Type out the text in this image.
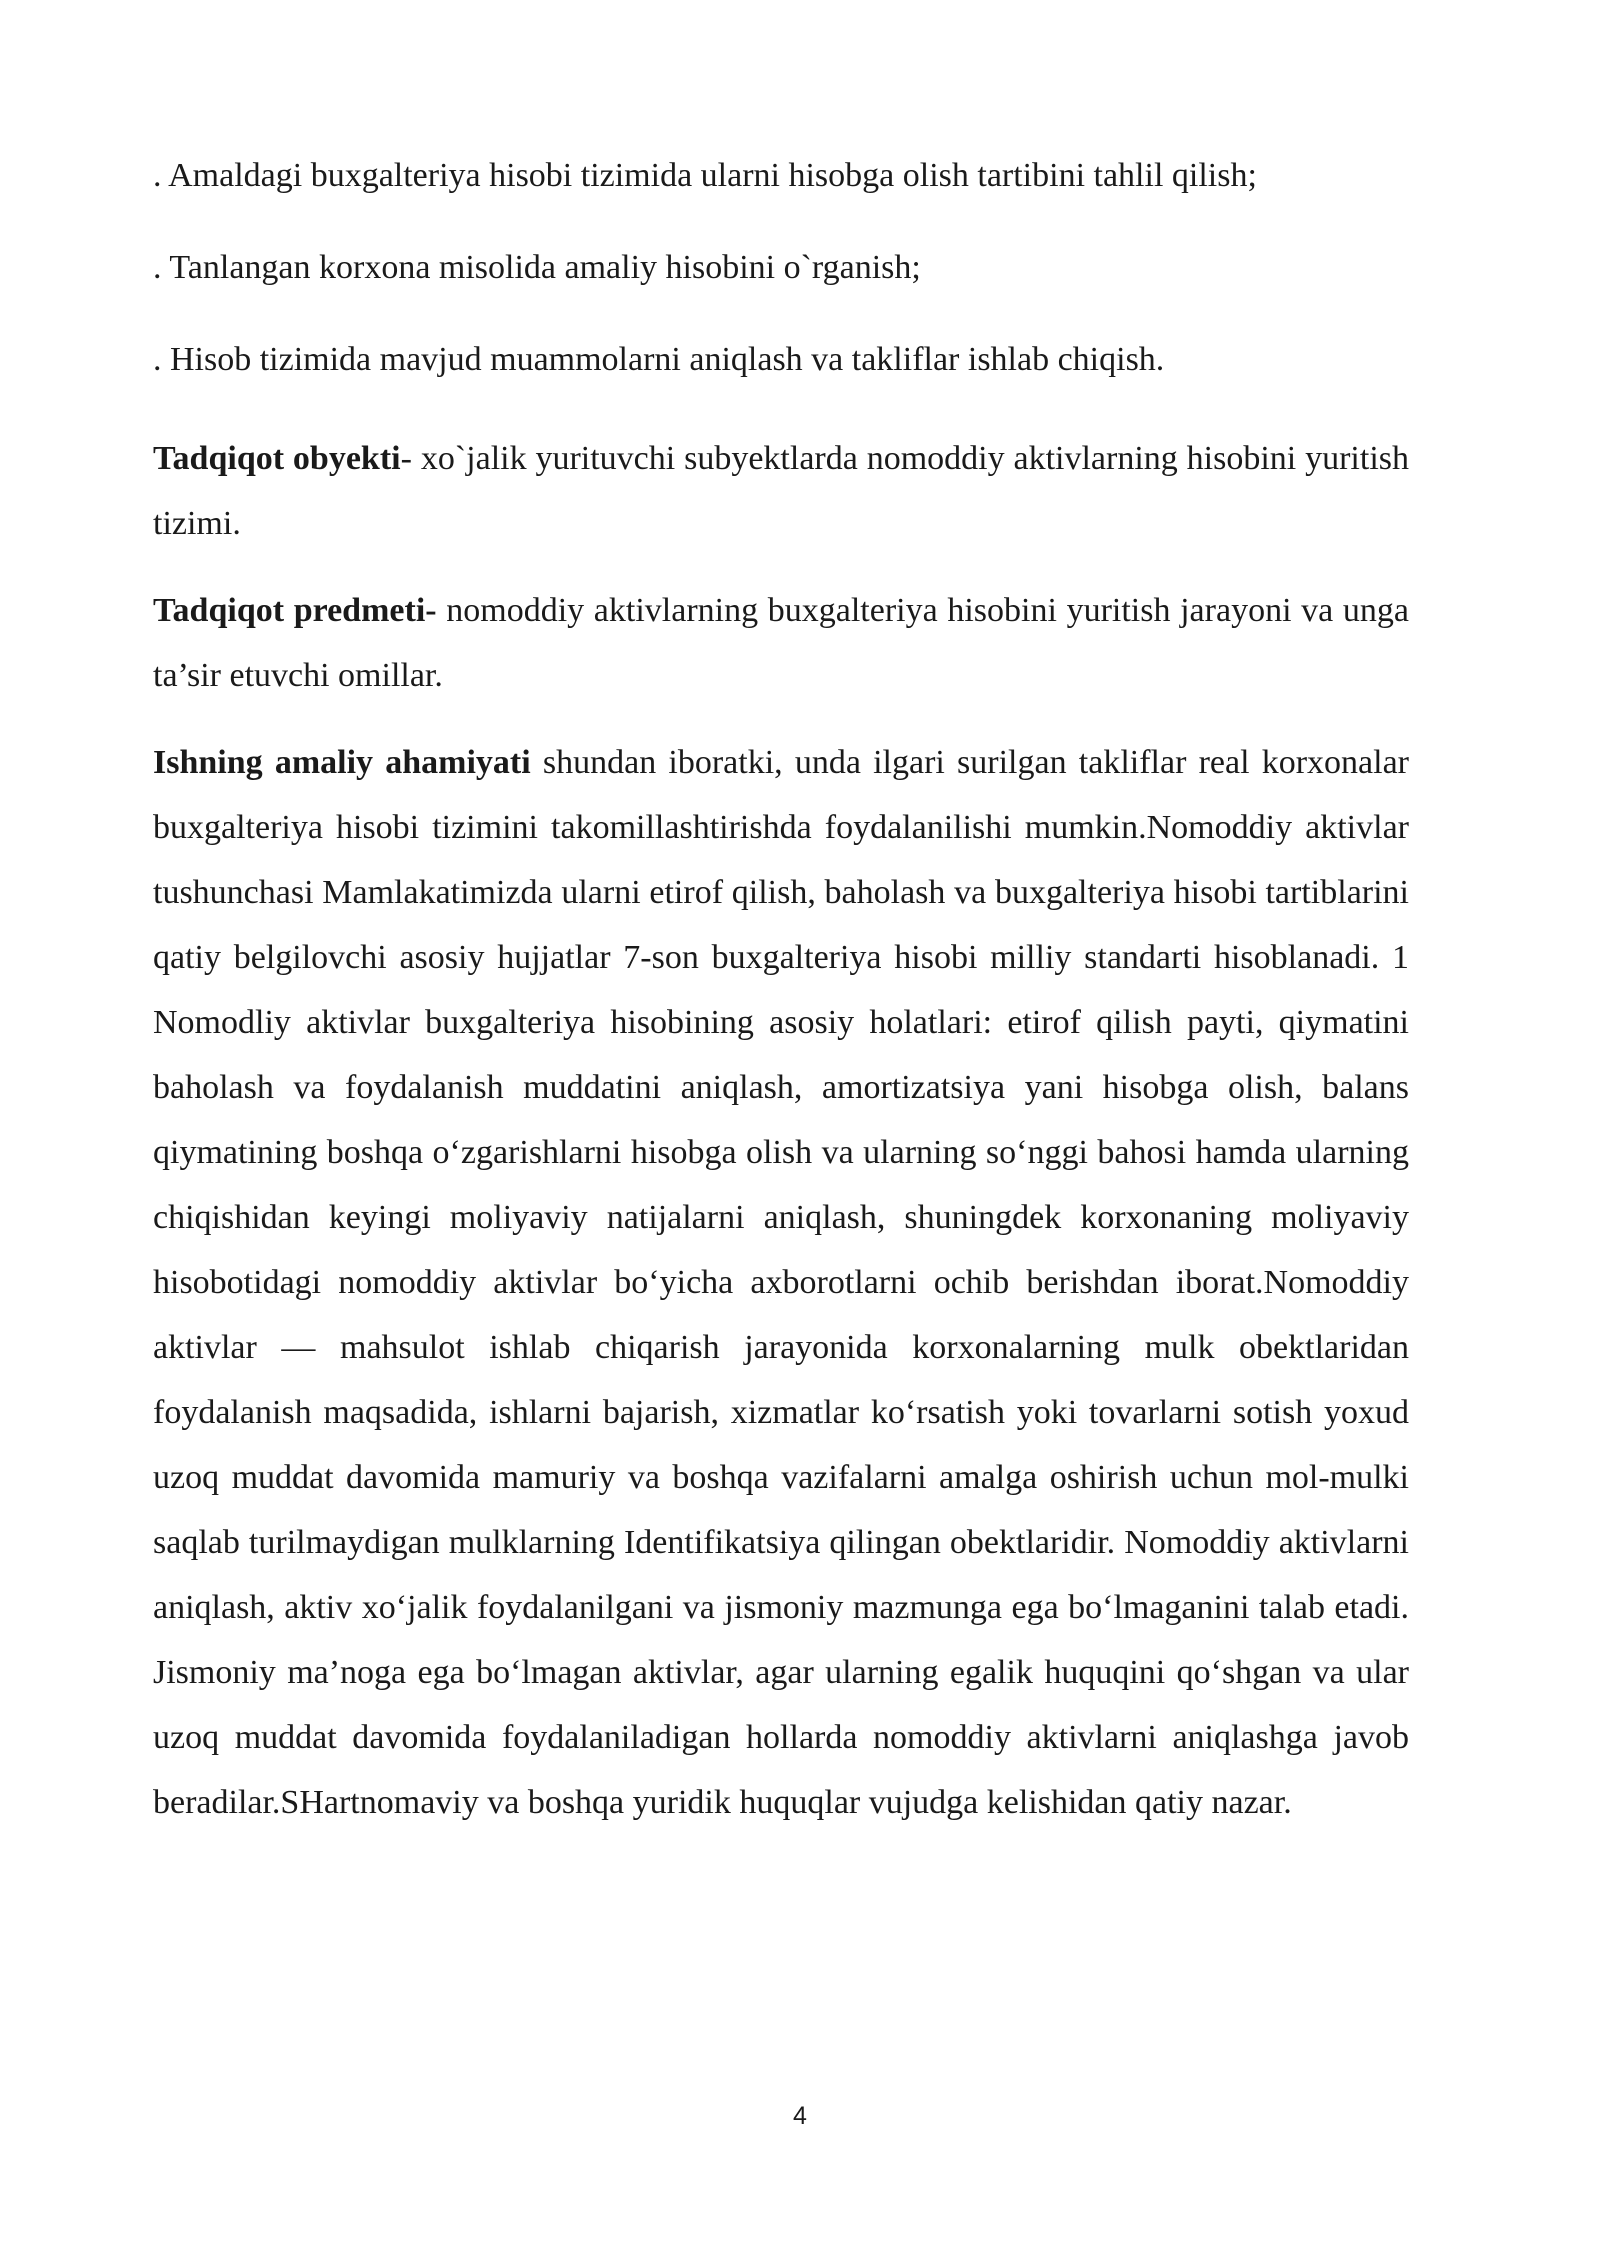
. Amaldagi buxgalteriya hisobi tizimida ularni hisobga olish tartibini tahlil qilish;

. Tanlangan korxona misolida amaliy hisobini o`rganish;

. Hisob tizimida mavjud muammolarni aniqlash va takliflar ishlab chiqish.

Tadqiqot obyekti- xo`jalik yurituvchi subyektlarda nomoddiy aktivlarning hisobini yuritish tizimi.

Tadqiqot predmeti- nomoddiy aktivlarning buxgalteriya hisobini yuritish jarayoni va unga ta’sir etuvchi omillar.

Ishning amaliy ahamiyati shundan iboratki, unda ilgari surilgan takliflar real korxonalar buxgalteriya hisobi tizimini takomillashtirishda foydalanilishi mumkin.Nomoddiy aktivlar tushunchasi Mamlakatimizda ularni etirof qilish, baholash va buxgalteriya hisobi tartiblarini qatiy belgilovchi asosiy hujjatlar 7-son buxgalteriya hisobi milliy standarti hisoblanadi. 1 Nomodliy aktivlar buxgalteriya hisobining asosiy holatlari: etirof qilish payti, qiymatini baholash va foydalanish muddatini aniqlash, amortizatsiya yani hisobga olish, balans qiymatining boshqa o‘zgarishlarni hisobga olish va ularning so‘nggi bahosi hamda ularning chiqishidan keyingi moliyaviy natijalarni aniqlash, shuningdek korxonaning moliyaviy hisobotidagi nomoddiy aktivlar bo‘yicha axborotlarni ochib berishdan iborat.Nomoddiy aktivlar — mahsulot ishlab chiqarish jarayonida korxonalarning mulk obektlaridan foydalanish maqsadida, ishlarni bajarish, xizmatlar ko‘rsatish yoki tovarlarni sotish yoxud uzoq muddat davomida mamuriy va boshqa vazifalarni amalga oshirish uchun mol-mulki saqlab turilmaydigan mulklarning Identifikatsiya qilingan obektlaridir. Nomoddiy aktivlarni aniqlash, aktiv xo‘jalik foydalanilgani va jismoniy mazmunga ega bo‘lmaganini talab etadi. Jismoniy ma’noga ega bo‘lmagan aktivlar, agar ularning egalik huquqini qo‘shgan va ular uzoq muddat davomida foydalaniladigan hollarda nomoddiy aktivlarni aniqlashga javob beradilar.SHartnomaviy va boshqa yuridik huquqlar vujudga kelishidan qatiy nazar.

4
